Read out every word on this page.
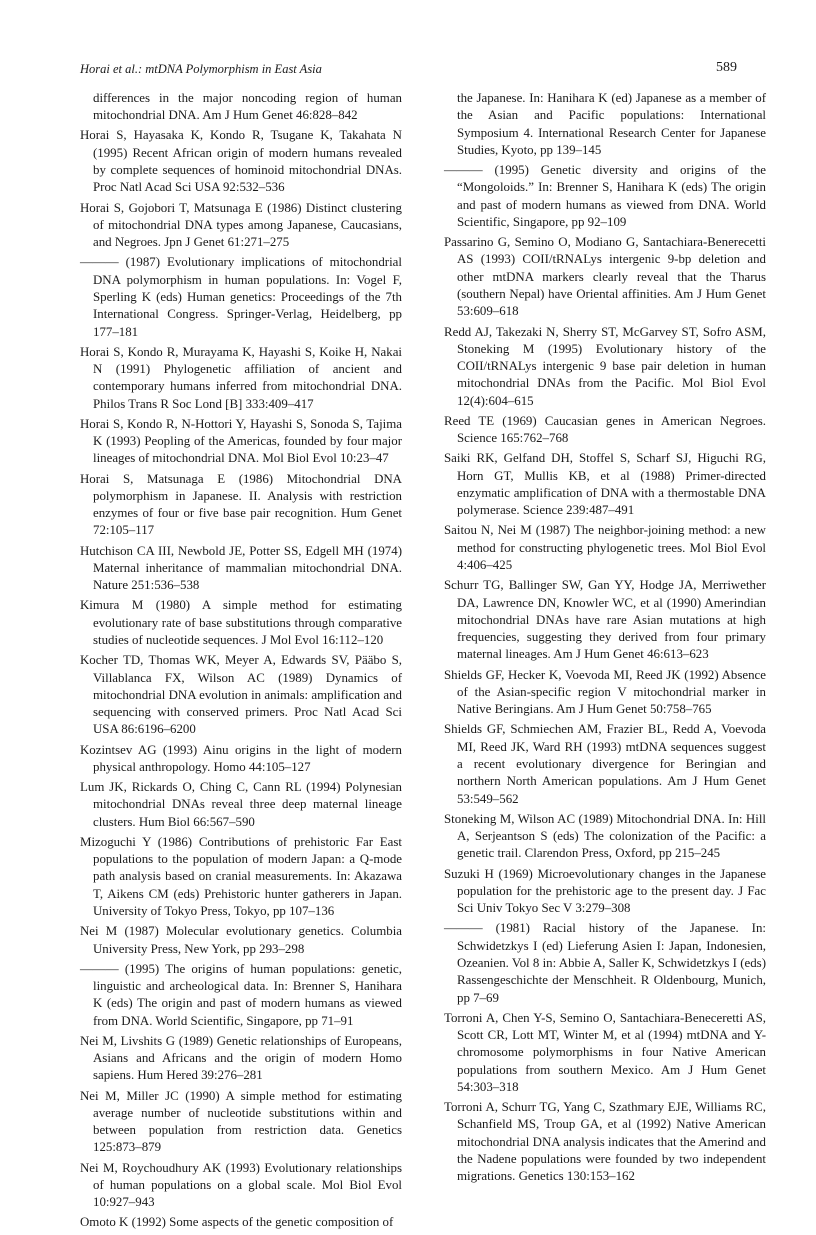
Horai et al.: mtDNA Polymorphism in East Asia	589

differences in the major noncoding region of human mitochondrial DNA. Am J Hum Genet 46:828–842

Horai S, Hayasaka K, Kondo R, Tsugane K, Takahata N (1995) Recent African origin of modern humans revealed by complete sequences of hominoid mitochondrial DNAs. Proc Natl Acad Sci USA 92:532–536

Horai S, Gojobori T, Matsunaga E (1986) Distinct clustering of mitochondrial DNA types among Japanese, Caucasians, and Negroes. Jpn J Genet 61:271–275

——— (1987) Evolutionary implications of mitochondrial DNA polymorphism in human populations. In: Vogel F, Sperling K (eds) Human genetics: Proceedings of the 7th International Congress. Springer-Verlag, Heidelberg, pp 177–181

Horai S, Kondo R, Murayama K, Hayashi S, Koike H, Nakai N (1991) Phylogenetic affiliation of ancient and contemporary humans inferred from mitochondrial DNA. Philos Trans R Soc Lond [B] 333:409–417

Horai S, Kondo R, N-Hottori Y, Hayashi S, Sonoda S, Tajima K (1993) Peopling of the Americas, founded by four major lineages of mitochondrial DNA. Mol Biol Evol 10:23–47

Horai S, Matsunaga E (1986) Mitochondrial DNA polymorphism in Japanese. II. Analysis with restriction enzymes of four or five base pair recognition. Hum Genet 72:105–117

Hutchison CA III, Newbold JE, Potter SS, Edgell MH (1974) Maternal inheritance of mammalian mitochondrial DNA. Nature 251:536–538

Kimura M (1980) A simple method for estimating evolutionary rate of base substitutions through comparative studies of nucleotide sequences. J Mol Evol 16:112–120

Kocher TD, Thomas WK, Meyer A, Edwards SV, Pääbo S, Villablanca FX, Wilson AC (1989) Dynamics of mitochondrial DNA evolution in animals: amplification and sequencing with conserved primers. Proc Natl Acad Sci USA 86:6196–6200

Kozintsev AG (1993) Ainu origins in the light of modern physical anthropology. Homo 44:105–127

Lum JK, Rickards O, Ching C, Cann RL (1994) Polynesian mitochondrial DNAs reveal three deep maternal lineage clusters. Hum Biol 66:567–590

Mizoguchi Y (1986) Contributions of prehistoric Far East populations to the population of modern Japan: a Q-mode path analysis based on cranial measurements. In: Akazawa T, Aikens CM (eds) Prehistoric hunter gatherers in Japan. University of Tokyo Press, Tokyo, pp 107–136

Nei M (1987) Molecular evolutionary genetics. Columbia University Press, New York, pp 293–298

——— (1995) The origins of human populations: genetic, linguistic and archeological data. In: Brenner S, Hanihara K (eds) The origin and past of modern humans as viewed from DNA. World Scientific, Singapore, pp 71–91

Nei M, Livshits G (1989) Genetic relationships of Europeans, Asians and Africans and the origin of modern Homo sapiens. Hum Hered 39:276–281

Nei M, Miller JC (1990) A simple method for estimating average number of nucleotide substitutions within and between population from restriction data. Genetics 125:873–879

Nei M, Roychoudhury AK (1993) Evolutionary relationships of human populations on a global scale. Mol Biol Evol 10:927–943

Omoto K (1992) Some aspects of the genetic composition of

the Japanese. In: Hanihara K (ed) Japanese as a member of the Asian and Pacific populations: International Symposium 4. International Research Center for Japanese Studies, Kyoto, pp 139–145

——— (1995) Genetic diversity and origins of the “Mongoloids.” In: Brenner S, Hanihara K (eds) The origin and past of modern humans as viewed from DNA. World Scientific, Singapore, pp 92–109

Passarino G, Semino O, Modiano G, Santachiara-Benerecetti AS (1993) COII/tRNALys intergenic 9-bp deletion and other mtDNA markers clearly reveal that the Tharus (southern Nepal) have Oriental affinities. Am J Hum Genet 53:609–618

Redd AJ, Takezaki N, Sherry ST, McGarvey ST, Sofro ASM, Stoneking M (1995) Evolutionary history of the COII/tRNALys intergenic 9 base pair deletion in human mitochondrial DNAs from the Pacific. Mol Biol Evol 12(4):604–615

Reed TE (1969) Caucasian genes in American Negroes. Science 165:762–768

Saiki RK, Gelfand DH, Stoffel S, Scharf SJ, Higuchi RG, Horn GT, Mullis KB, et al (1988) Primer-directed enzymatic amplification of DNA with a thermostable DNA polymerase. Science 239:487–491

Saitou N, Nei M (1987) The neighbor-joining method: a new method for constructing phylogenetic trees. Mol Biol Evol 4:406–425

Schurr TG, Ballinger SW, Gan YY, Hodge JA, Merriwether DA, Lawrence DN, Knowler WC, et al (1990) Amerindian mitochondrial DNAs have rare Asian mutations at high frequencies, suggesting they derived from four primary maternal lineages. Am J Hum Genet 46:613–623

Shields GF, Hecker K, Voevoda MI, Reed JK (1992) Absence of the Asian-specific region V mitochondrial marker in Native Beringians. Am J Hum Genet 50:758–765

Shields GF, Schmiechen AM, Frazier BL, Redd A, Voevoda MI, Reed JK, Ward RH (1993) mtDNA sequences suggest a recent evolutionary divergence for Beringian and northern North American populations. Am J Hum Genet 53:549–562

Stoneking M, Wilson AC (1989) Mitochondrial DNA. In: Hill A, Serjeantson S (eds) The colonization of the Pacific: a genetic trail. Clarendon Press, Oxford, pp 215–245

Suzuki H (1969) Microevolutionary changes in the Japanese population for the prehistoric age to the present day. J Fac Sci Univ Tokyo Sec V 3:279–308

——— (1981) Racial history of the Japanese. In: Schwidetzkys I (ed) Lieferung Asien I: Japan, Indonesien, Ozeanien. Vol 8 in: Abbie A, Saller K, Schwidetzkys I (eds) Rassengeschichte der Menschheit. R Oldenbourg, Munich, pp 7–69

Torroni A, Chen Y-S, Semino O, Santachiara-Beneceretti AS, Scott CR, Lott MT, Winter M, et al (1994) mtDNA and Y-chromosome polymorphisms in four Native American populations from southern Mexico. Am J Hum Genet 54:303–318

Torroni A, Schurr TG, Yang C, Szathmary EJE, Williams RC, Schanfield MS, Troup GA, et al (1992) Native American mitochondrial DNA analysis indicates that the Amerind and the Nadene populations were founded by two independent migrations. Genetics 130:153–162
